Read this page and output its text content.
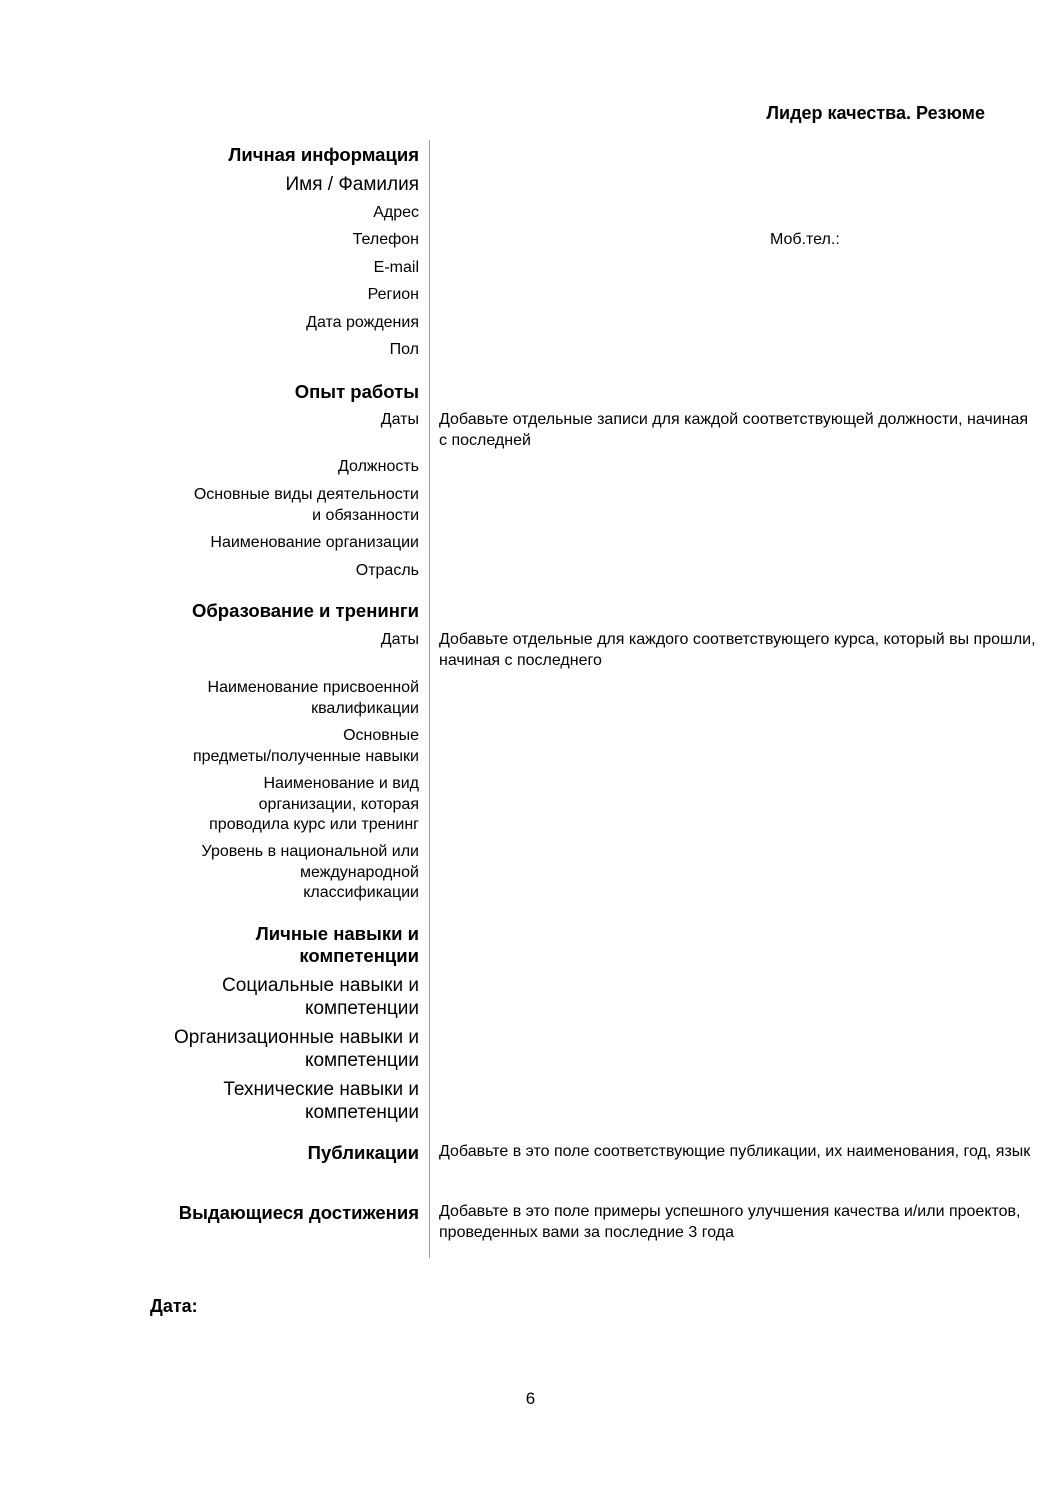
Лидер качества. Резюме
Личная информация
Имя / Фамилия
Адрес
Телефон	Моб.тел.:
E-mail
Регион
Дата рождения
Пол
Опыт работы
Даты Добавьте отдельные записи для каждой соответствующей должности, начиная с последней
Должность
Основные виды деятельности
и обязанности
Наименование организации
Отрасль
Образование и тренинги
Даты Добавьте отдельные для каждого соответствующего курса, который вы прошли, начиная с последнего
Наименование присвоенной
квалификации
Основные
предметы/полученные навыки
Наименование и вид
организации, которая
проводила курс или тренинг
Уровень в национальной или
международной
классификации
Личные навыки и
компетенции
Социальные навыки и
компетенции
Организационные навыки и
компетенции
Технические навыки и
компетенции
Публикации Добавьте в это поле соответствующие публикации, их наименования, год, язык
Выдающиеся достижения Добавьте в это поле примеры успешного улучшения качества и/или проектов, проведенных вами за последние 3 года
Дата:
6
